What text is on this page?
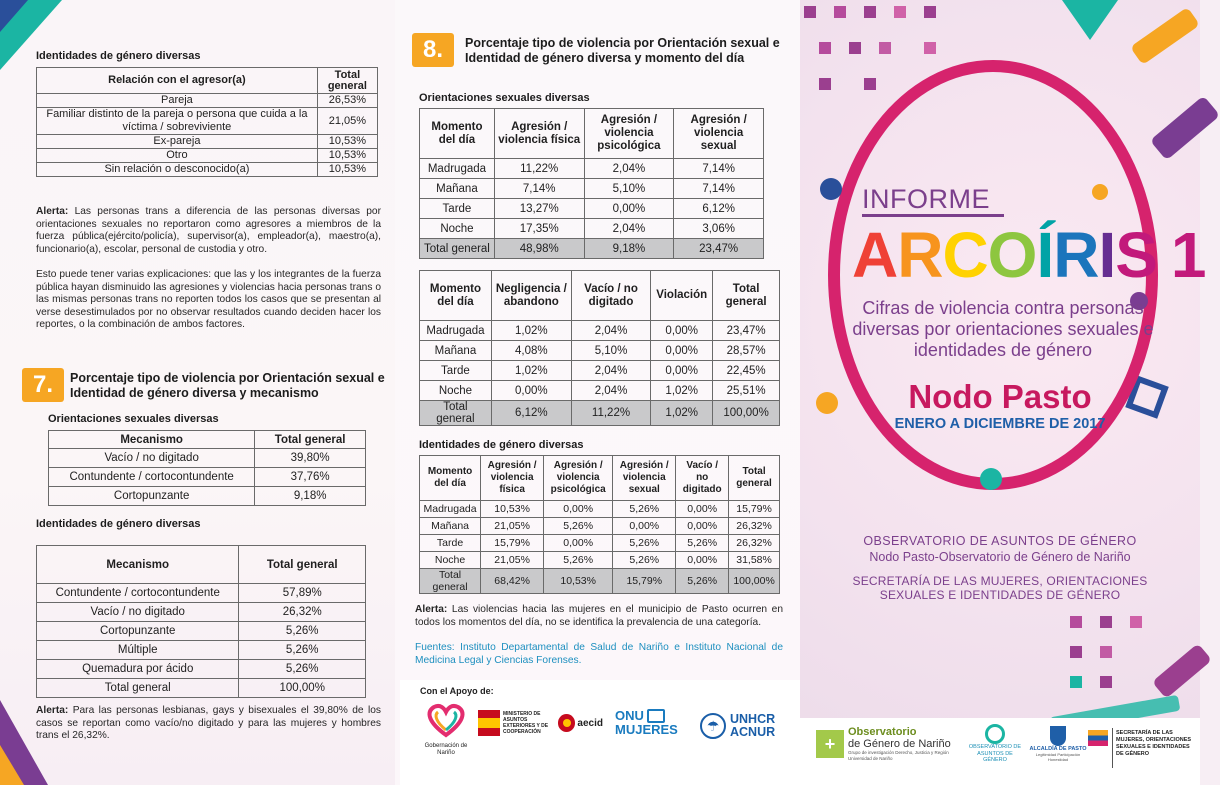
Identidades de género diversas
Relación con el agresor(a)	Total general
Pareja	26,53%
Familiar distinto de la pareja o persona que cuida a la víctima / sobreviviente	21,05%
Ex-pareja	10,53%
Otro	10,53%
Sin relación o desconocido(a)	10,53%

Alerta: Las personas trans a diferencia de las personas diversas por orientaciones sexuales no reportaron como agresores a miembros de la fuerza pública(ejército/policía), supervisor(a), empleador(a), maestro(a), funcionario(a), escolar, personal de custodia y otro.

Esto puede tener varias explicaciones: que las y los integrantes de la fuerza pública hayan disminuido las agresiones y violencias hacia personas trans o las mismas personas trans no reporten todos los casos que se presentan al verse desestimulados por no observar resultados cuando deciden hacer los reportes, o la combinación de ambos factores.

7.	Porcentaje tipo de violencia por Orientación sexual e Identidad de género diversa y mecanismo
Orientaciones sexuales diversas
Mecanismo	Total general
Vacío / no digitado	39,80%
Contundente / cortocontundente	37,76%
Cortopunzante	9,18%
Identidades de género diversas
Mecanismo	Total general
Contundente / cortocontundente	57,89%
Vacío / no digitado	26,32%
Cortopunzante	5,26%
Múltiple	5,26%
Quemadura por ácido	5,26%
Total general	100,00%

Alerta: Para las personas lesbianas, gays y bisexuales el 39,80% de los casos se reportan como vacío/no digitado y para las mujeres y hombres trans el 26,32%.

8.	Porcentaje tipo de violencia por Orientación sexual e Identidad de género diversa y momento del día
Orientaciones sexuales diversas
Momento del día	Agresión / violencia física	Agresión / violencia psicológica	Agresión / violencia sexual
Madrugada	11,22%	2,04%	7,14%
Mañana	7,14%	5,10%	7,14%
Tarde	13,27%	0,00%	6,12%
Noche	17,35%	2,04%	3,06%
Total general	48,98%	9,18%	23,47%
Momento del día	Negligencia / abandono	Vacío / no digitado	Violación	Total general
Madrugada	1,02%	2,04%	0,00%	23,47%
Mañana	4,08%	5,10%	0,00%	28,57%
Tarde	1,02%	2,04%	0,00%	22,45%
Noche	0,00%	2,04%	1,02%	25,51%
Total general	6,12%	11,22%	1,02%	100,00%
Identidades de género diversas
Momento del día	Agresión / violencia física	Agresión / violencia psicológica	Agresión / violencia sexual	Vacío / no digitado	Total general
Madrugada	10,53%	0,00%	5,26%	0,00%	15,79%
Mañana	21,05%	5,26%	0,00%	0,00%	26,32%
Tarde	15,79%	0,00%	5,26%	5,26%	26,32%
Noche	21,05%	5,26%	5,26%	0,00%	31,58%
Total general	68,42%	10,53%	15,79%	5,26%	100,00%

Alerta: Las violencias hacia las mujeres en el municipio de Pasto ocurren en todos los momentos del día, no se identifica la prevalencia de una categoría.

Fuentes: Instituto Departamental de Salud de Nariño e Instituto Nacional de Medicina Legal y Ciencias Forenses.

Con el Apoyo de:
Gobernación de Nariño
MINISTERIO DE ASUNTOS EXTERIORES Y DE COOPERACIÓN
aecid ONU
MUJERES	☂ UNHCR
ACNUR
INFORME
A R C O Í R I S 1
Cifras de violencia contra personas diversas por orientaciones sexuales e identidades de género
Nodo Pasto
ENERO A DICIEMBRE DE 2017
OBSERVATORIO DE ASUNTOS DE GÉNERO
Nodo Pasto-Observatorio de Género de Nariño
SECRETARÍA DE LAS MUJERES, ORIENTACIONES SEXUALES E IDENTIDADES DE GÉNERO
+
Observatorio
de Género de Nariño
Grupo de investigación Derecho, Justicia y Región Universidad de Nariño
OBSERVATORIO DE ASUNTOS DE GÉNERO
ALCALDÍA DE PASTO
Legitimidad Participación Honestidad
SECRETARÍA DE LAS MUJERES, ORIENTACIONES SEXUALES E IDENTIDADES DE GÉNERO
